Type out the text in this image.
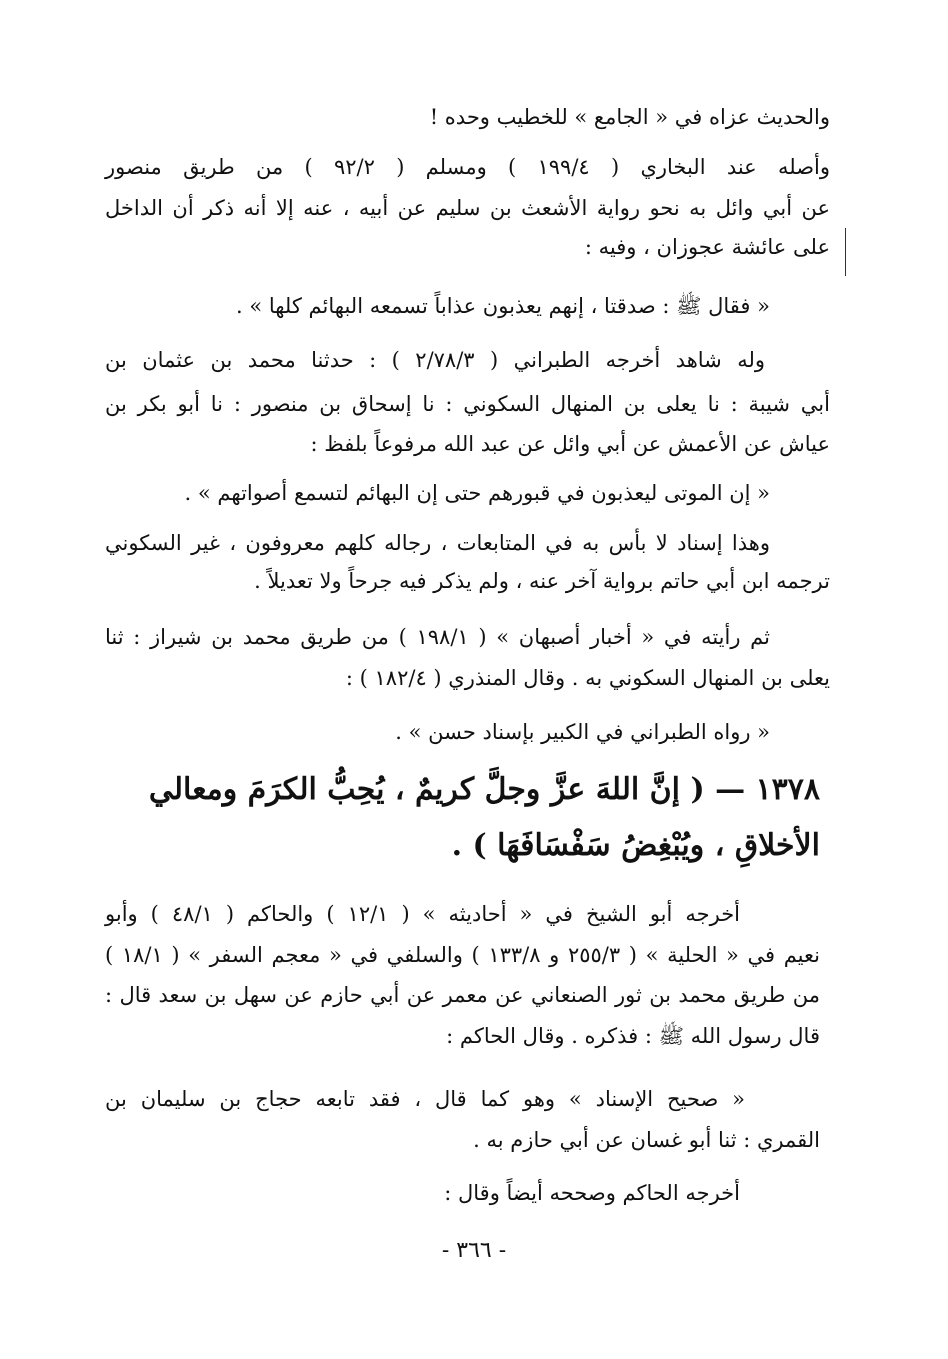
والحديث عزاه في « الجامع » للخطيب وحده !

وأصله عند البخاري ( ١٩٩/٤ ) ومسلم ( ٩٢/٢ ) من طريق منصور

عن أبي وائل به نحو رواية الأشعث بن سليم عن أبيه ، عنه إلا أنه ذكر أن الداخل

على عائشة عجوزان ، وفيه :

« فقال ﷺ : صدقتا ، إنهم يعذبون عذاباً تسمعه البهائم كلها » .

وله شاهد أخرجه الطبراني ( ٢/٧٨/٣ ) : حدثنا محمد بن عثمان بن

أبي شيبة : نا يعلى بن المنهال السكوني : نا إسحاق بن منصور : نا أبو بكر بن

عياش عن الأعمش عن أبي وائل عن عبد الله مرفوعاً بلفظ :

« إن الموتى ليعذبون في قبورهم حتى إن البهائم لتسمع أصواتهم » .

وهذا إسناد لا بأس به في المتابعات ، رجاله كلهم معروفون ، غير السكوني

ترجمه ابن أبي حاتم برواية آخر عنه ، ولم يذكر فيه جرحاً ولا تعديلاً .

ثم رأيته في « أخبار أصبهان » ( ١٩٨/١ ) من طريق محمد بن شيراز : ثنا

يعلى بن المنهال السكوني به . وقال المنذري ( ١٨٢/٤ ) :

« رواه الطبراني في الكبير بإسناد حسن » .

١٣٧٨ — ( إنَّ اللهَ عزَّ وجلَّ كريمٌ ، يُحِبُّ الكرَمَ ومعالي

الأخلاقِ ، ويُبْغِضُ سَفْسَافَهَا ) .

أخرجه أبو الشيخ في « أحاديثه » ( ١٢/١ ) والحاكم ( ٤٨/١ ) وأبو

نعيم في « الحلية » ( ٢٥٥/٣ و ١٣٣/٨ ) والسلفي في « معجم السفر » ( ١٨/١ )

من طريق محمد بن ثور الصنعاني عن معمر عن أبي حازم عن سهل بن سعد قال :

قال رسول الله ﷺ : فذكره . وقال الحاكم :

« صحيح الإسناد » وهو كما قال ، فقد تابعه حجاج بن سليمان بن

القمري : ثنا أبو غسان عن أبي حازم به .

أخرجه الحاكم وصححه أيضاً وقال :

- ٣٦٦ -
